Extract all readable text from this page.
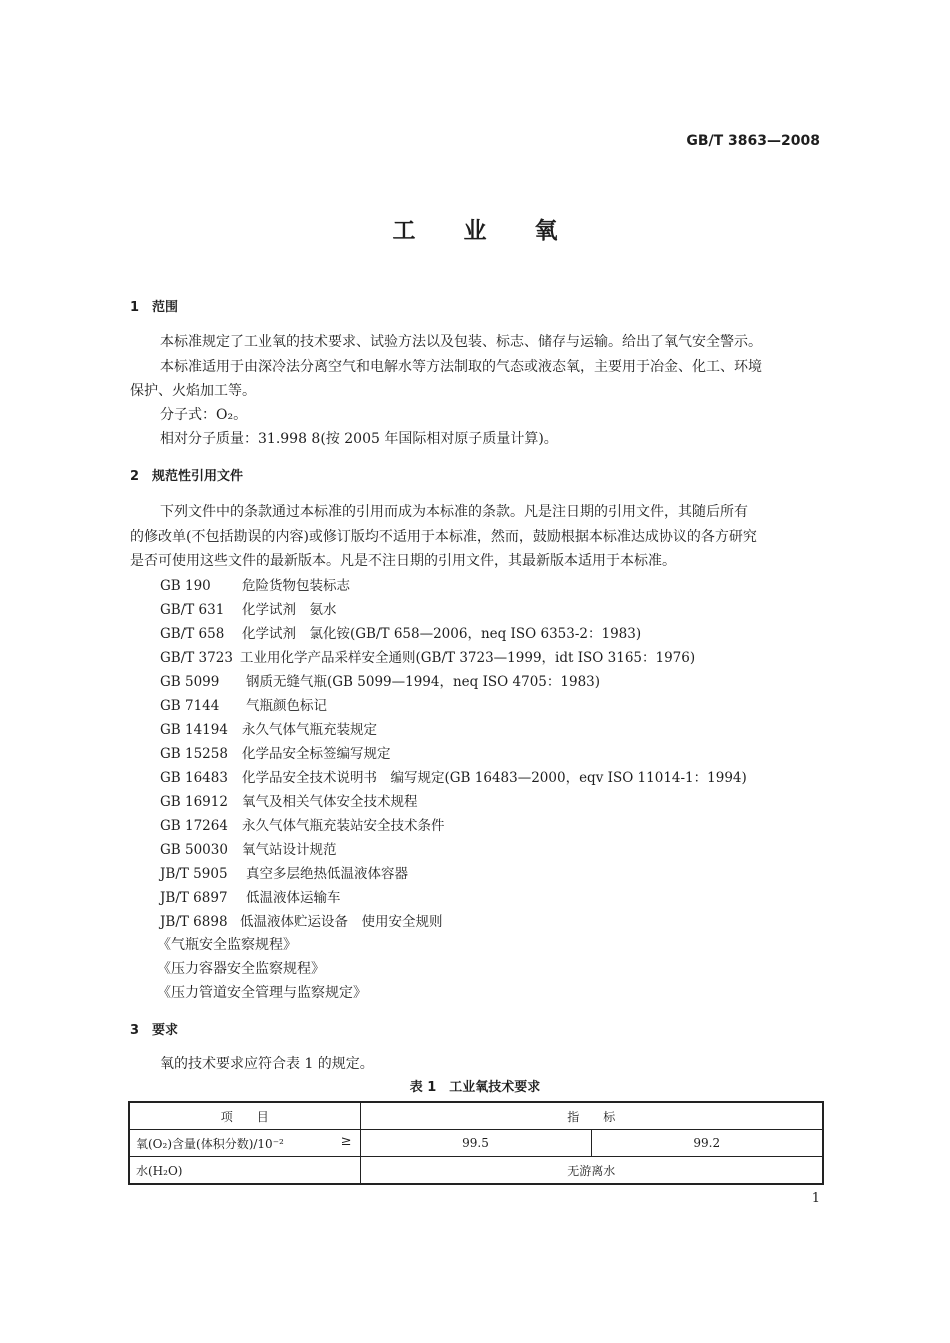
GB/T 3863—2008
工业氧
1 范围
本标准规定了工业氧的技术要求、试验方法以及包装、标志、储存与运输。给出了氧气安全警示。
本标准适用于由深冷法分离空气和电解水等方法制取的气态或液态氧，主要用于冶金、化工、环境
保护、火焰加工等。
分子式：O₂。
相对分子质量：31.998 8(按 2005 年国际相对原子质量计算)。
2 规范性引用文件
下列文件中的条款通过本标准的引用而成为本标准的条款。凡是注日期的引用文件，其随后所有
的修改单(不包括勘误的内容)或修订版均不适用于本标准，然而，鼓励根据本标准达成协议的各方研究
是否可使用这些文件的最新版本。凡是不注日期的引用文件，其最新版本适用于本标准。
GB 190 危险货物包装标志
GB/T 631 化学试剂　氨水
GB/T 658 化学试剂　氯化铵(GB/T 658—2006，neq ISO 6353-2：1983)
GB/T 3723 工业用化学产品采样安全通则(GB/T 3723—1999，idt ISO 3165：1976)
GB 5099 钢质无缝气瓶(GB 5099—1994，neq ISO 4705：1983)
GB 7144 气瓶颜色标记
GB 14194 永久气体气瓶充装规定
GB 15258 化学品安全标签编写规定
GB 16483 化学品安全技术说明书　编写规定(GB 16483—2000，eqv ISO 11014-1：1994)
GB 16912 氧气及相关气体安全技术规程
GB 17264 永久气体气瓶充装站安全技术条件
GB 50030 氧气站设计规范
JB/T 5905 真空多层绝热低温液体容器
JB/T 6897 低温液体运输车
JB/T 6898 低温液体贮运设备　使用安全规则
《气瓶安全监察规程》
《压力容器安全监察规程》
《压力管道安全管理与监察规定》
3 要求
氧的技术要求应符合表 1 的规定。
表 1　工业氧技术要求
项　　目	指　　标	
氧(O₂)含量(体积分数)/10⁻² ≥	99.5	99.2
水(H₂O)	无游离水	
1
